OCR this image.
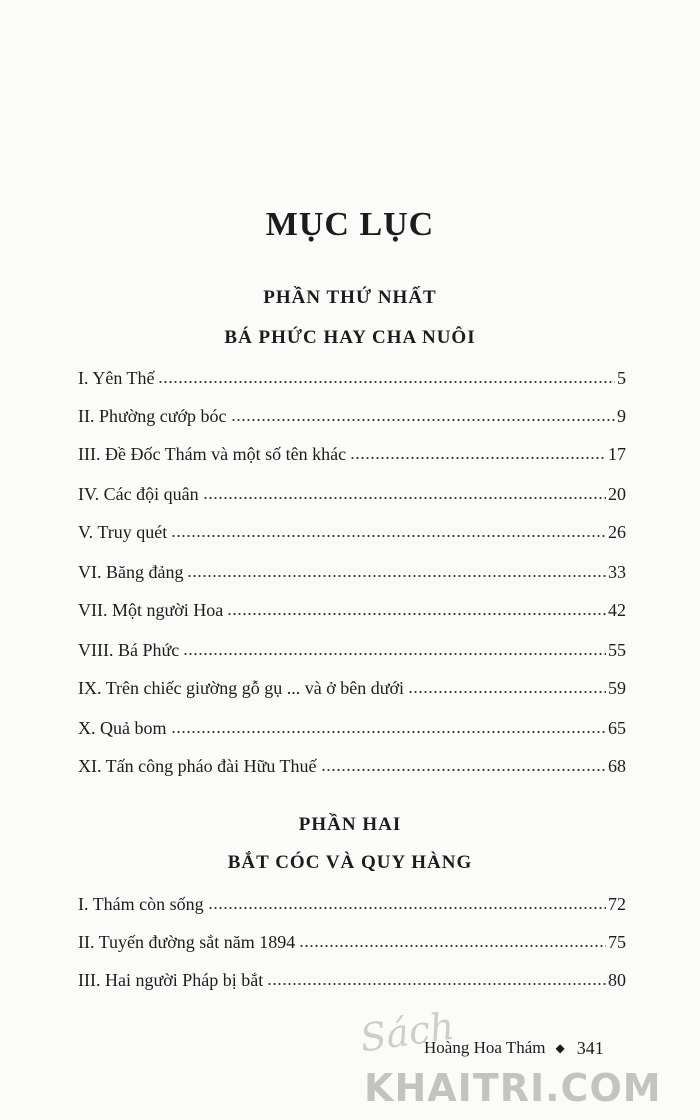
MỤC LỤC
PHẦN THỨ NHẤT
BÁ PHỨC HAY CHA NUÔI
I. Yên Thế	5
II. Phường cướp bóc	9
III. Đề Đốc Thám và một số tên khác	17
IV. Các đội quân	20
V. Truy quét	26
VI. Băng đảng	33
VII. Một người Hoa	42
VIII. Bá Phức	55
IX. Trên chiếc giường gỗ gụ ... và ở bên dưới	59
X. Quả bom	65
XI. Tấn công pháo đài Hữu Thuế	68
PHẦN HAI
BẮT CÓC VÀ QUY HÀNG
I. Thám còn sống	72
II. Tuyến đường sắt năm 1894	75
III. Hai người Pháp bị bắt	80
Sách
Hoàng Hoa Thám ◆ 341
KHAITRI.COM
